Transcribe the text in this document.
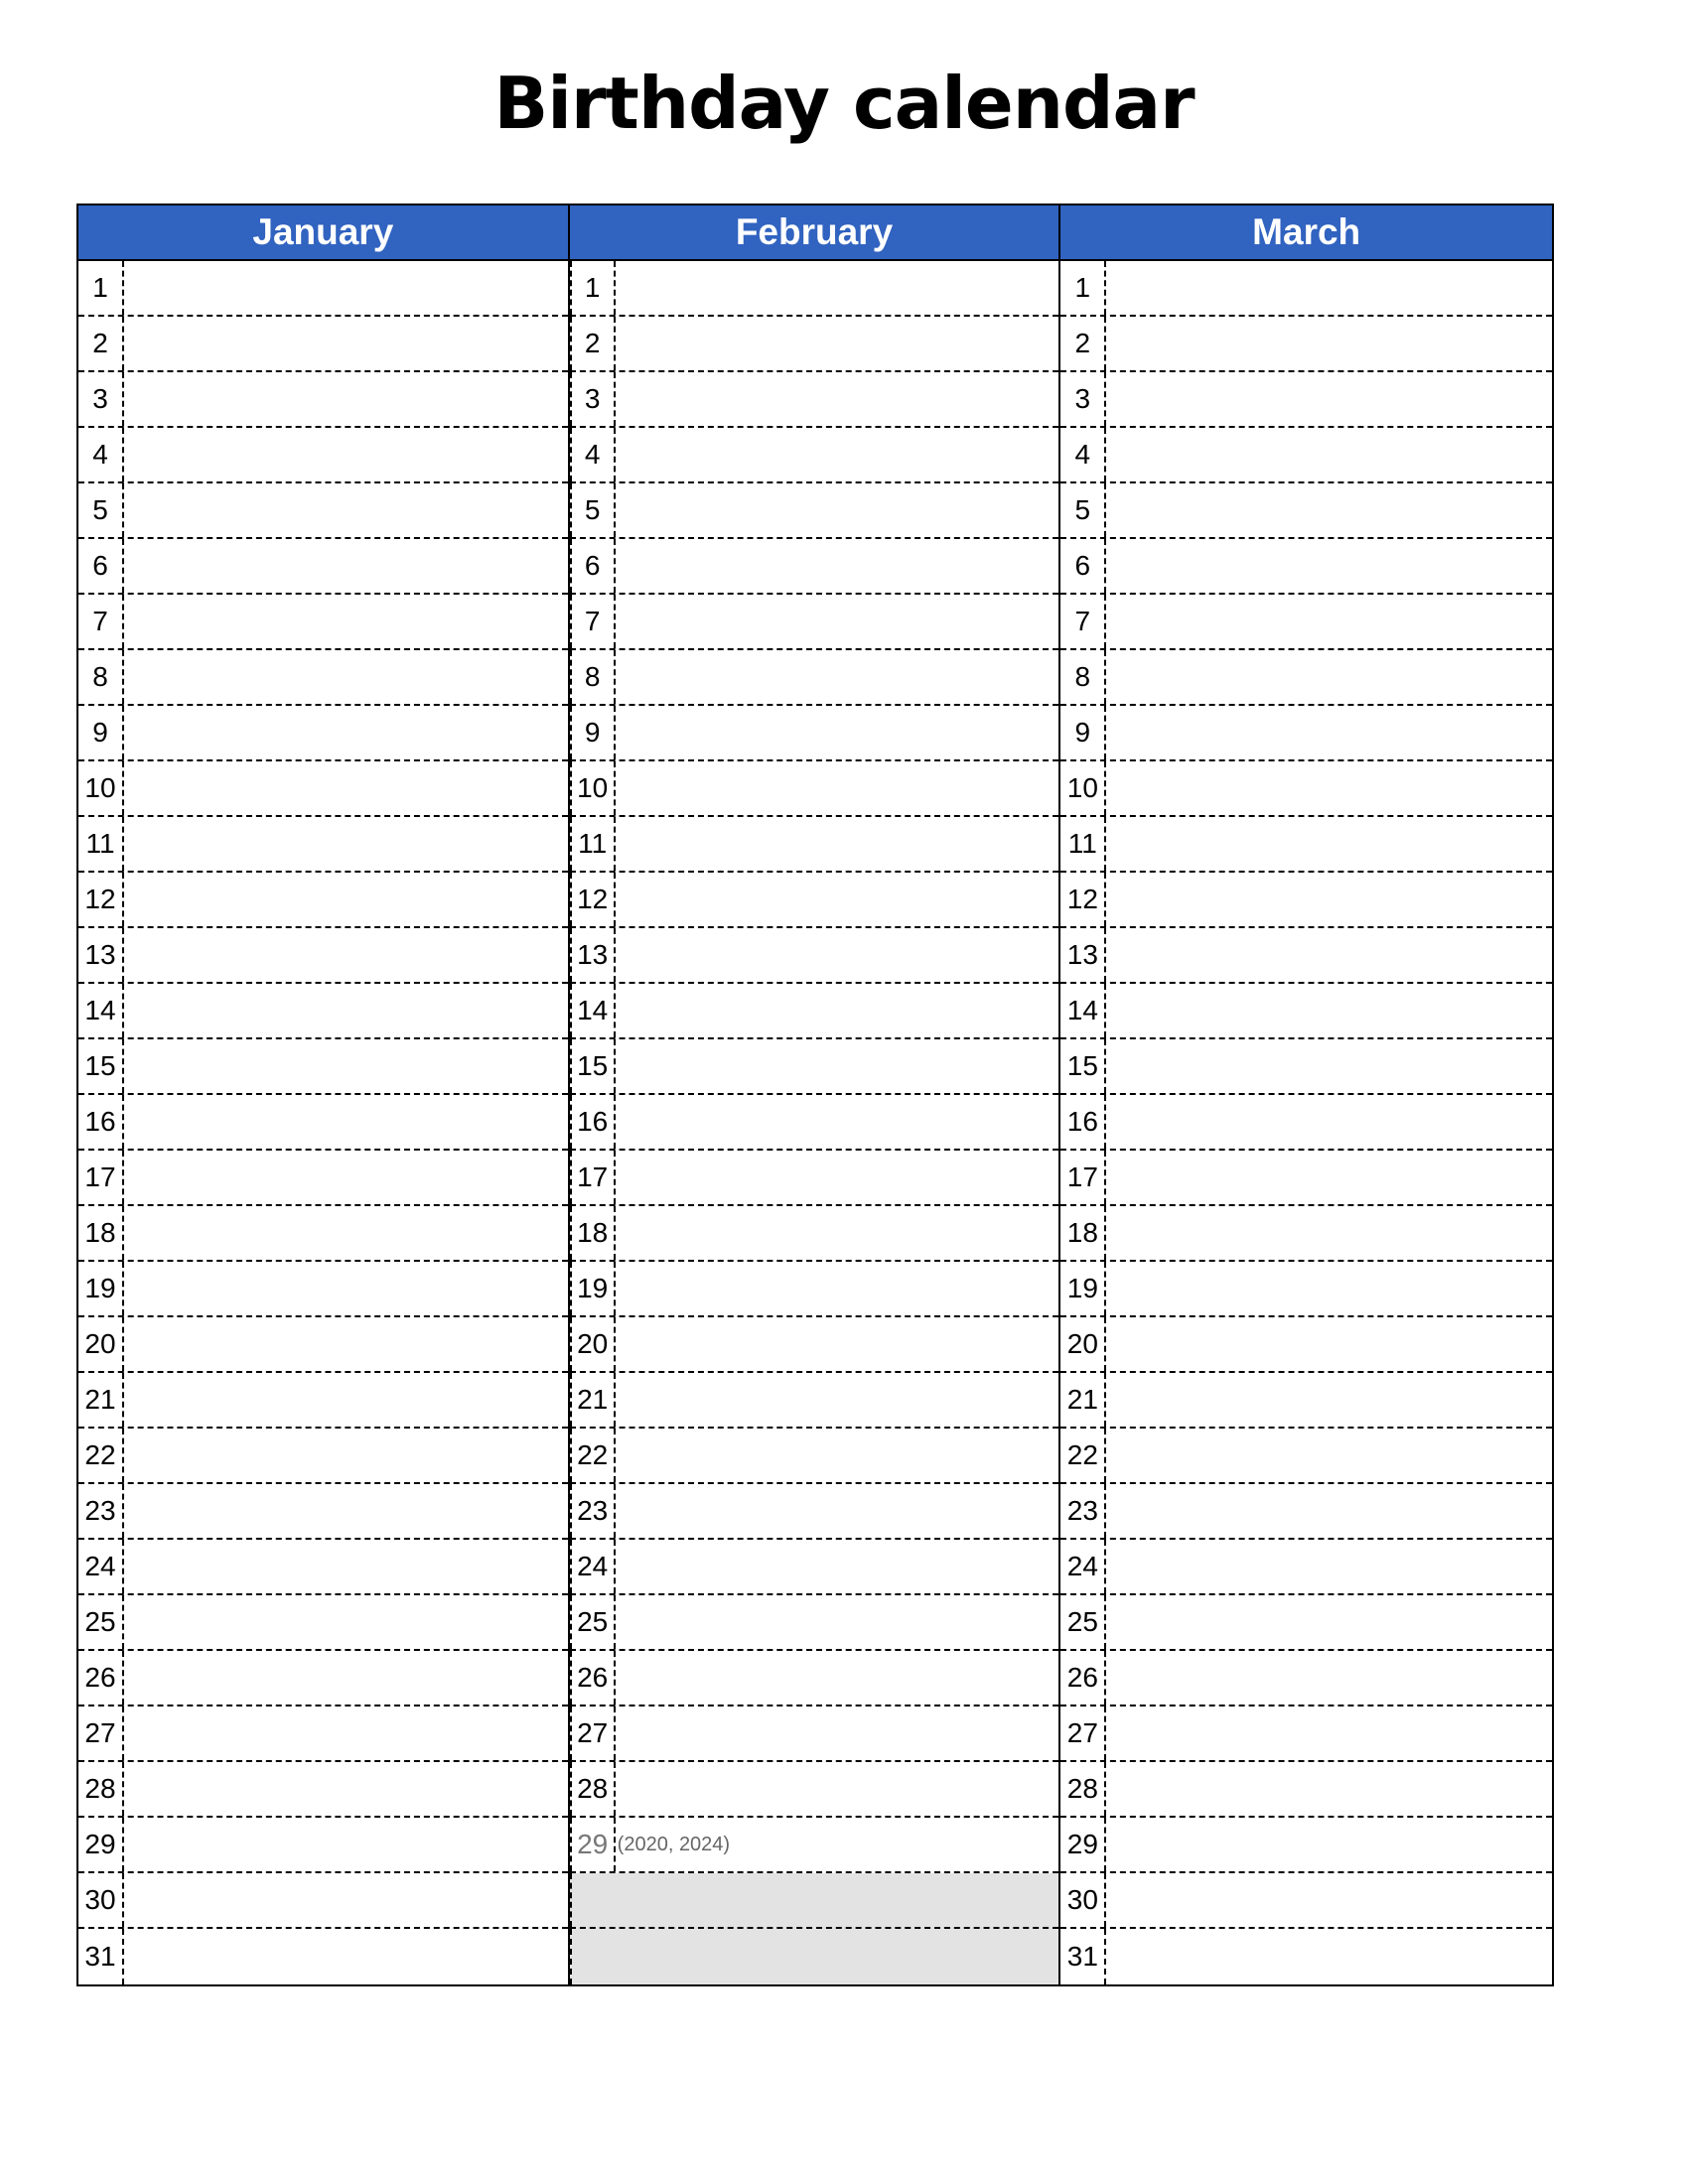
Birthday calendar
January
1
2
3
4
5
6
7
8
9
10
11
12
13
14
15
16
17
18
19
20
21
22
23
24
25
26
27
28
29
30
31
February
1
2
3
4
5
6
7
8
9
10
11
12
13
14
15
16
17
18
19
20
21
22
23
24
25
26
27
28
29 (2020, 2024)
March
1
2
3
4
5
6
7
8
9
10
11
12
13
14
15
16
17
18
19
20
21
22
23
24
25
26
27
28
29
30
31
